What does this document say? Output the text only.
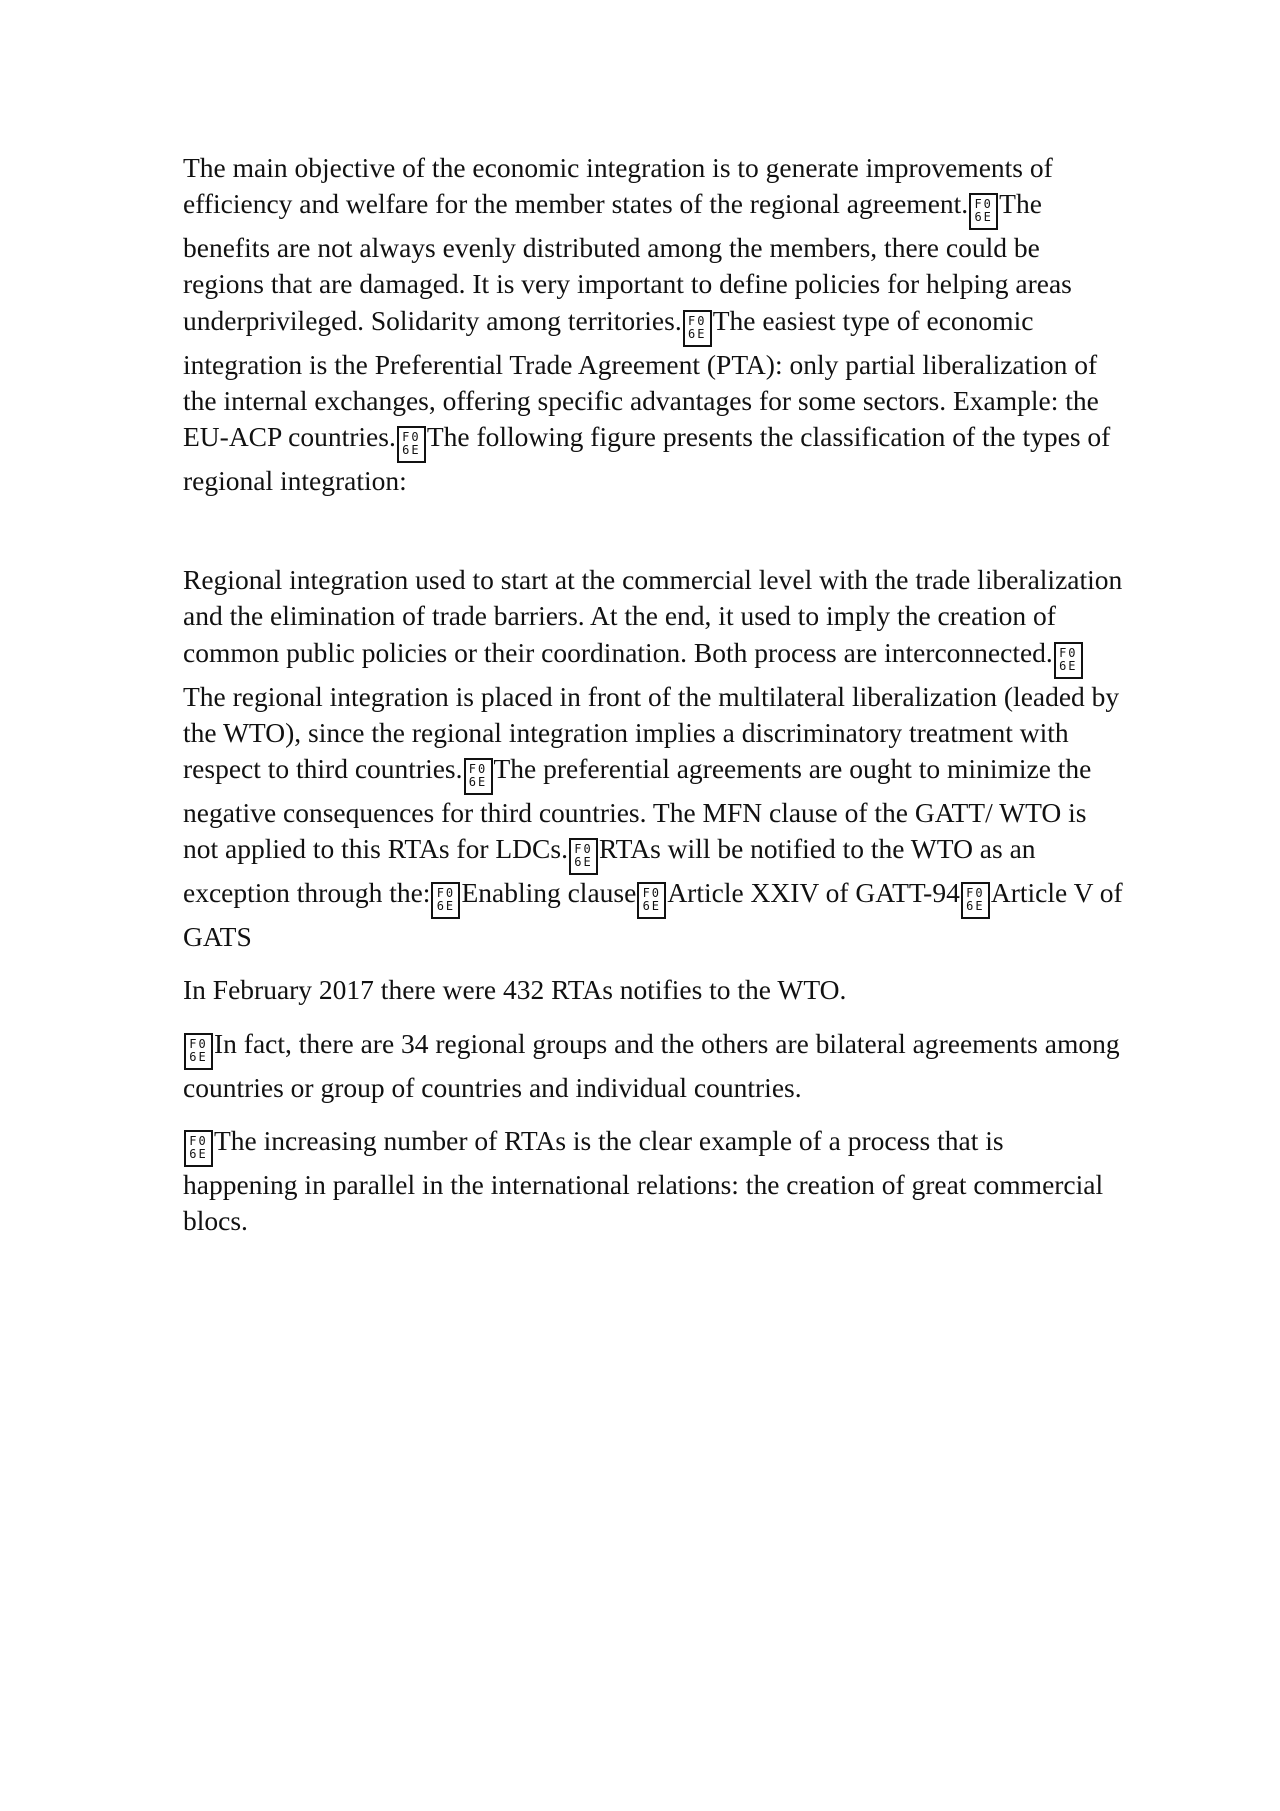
The main objective of the economic integration is to generate improvements of efficiency and welfare for the member states of the regional agreement. F0
6E The benefits are not always evenly distributed among the members, there could be regions that are damaged. It is very important to define policies for helping areas underprivileged. Solidarity among territories. F0
6E The easiest type of economic integration is the Preferential Trade Agreement (PTA): only partial liberalization of the internal exchanges, offering specific advantages for some sectors. Example: the EU-ACP countries. F0
6E The following figure presents the classification of the types of regional integration:

Regional integration used to start at the commercial level with the trade liberalization and the elimination of trade barriers. At the end, it used to imply the creation of common public policies or their coordination. Both process are interconnected. F0
6E
The regional integration is placed in front of the multilateral liberalization (leaded by the WTO), since the regional integration implies a discriminatory treatment with respect to third countries. F0
6E The preferential agreements are ought to minimize the negative consequences for third countries. The MFN clause of the GATT/ WTO is not applied to this RTAs for LDCs. F0
6E RTAs will be notified to the WTO as an exception through the: F0
6E Enabling clause F0
6E Article XXIV of GATT-94 F0
6E Article V of GATS

In February 2017 there were 432 RTAs notifies to the WTO.

F0
6E In fact, there are 34 regional groups and the others are bilateral agreements among countries or group of countries and individual countries.

F0
6E The increasing number of RTAs is the clear example of a process that is happening in parallel in the international relations: the creation of great commercial blocs.
